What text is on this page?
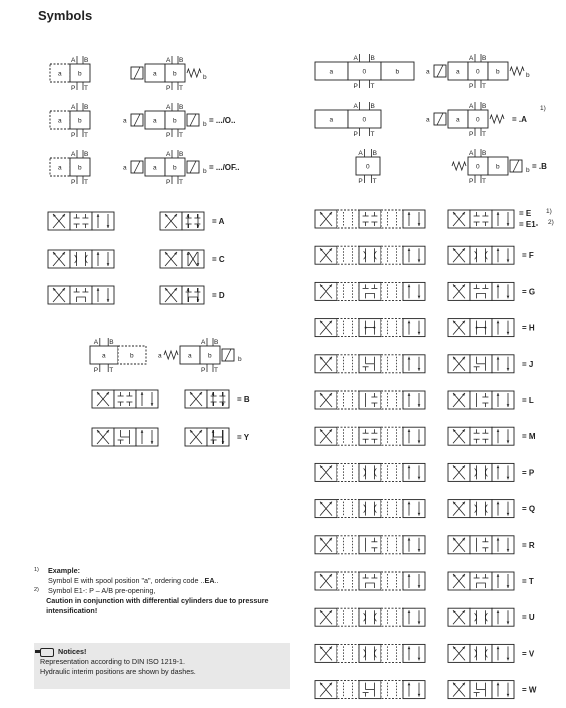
Symbols
a	b
A B
P T
a	b
A B
P T
b
a	b
A B
P T
a	b
A B
P T
a	b = .../O..
a	b
A B
P T
a	b
A B
P T
a	b = .../OF..
a	0	b
A B
P T
a	0	b
A B
P T
a	b
a	0
A B
P T
a	0
A B
P T
a	= .A
0
A B
P T
0	b
A B
P T
b = .B
= A
= C
= D
a	b
A B
P T
a	b
A B
P T
a	b
= B
= Y
= F
= G
= H
= J
= L
= M
= P
= Q
= R
= T
= U
= V
= W
= E 1)
= E1- 2)
1)
1)	Example:
Symbol E with spool position "a", ordering code ..EA..
2)	Symbol E1-: P – A/B pre-opening,
Caution in conjunction with differential cylinders due to pressure intensification!
Notices!
Representation according to DIN ISO 1219-1.
Hydraulic interim positions are shown by dashes.
